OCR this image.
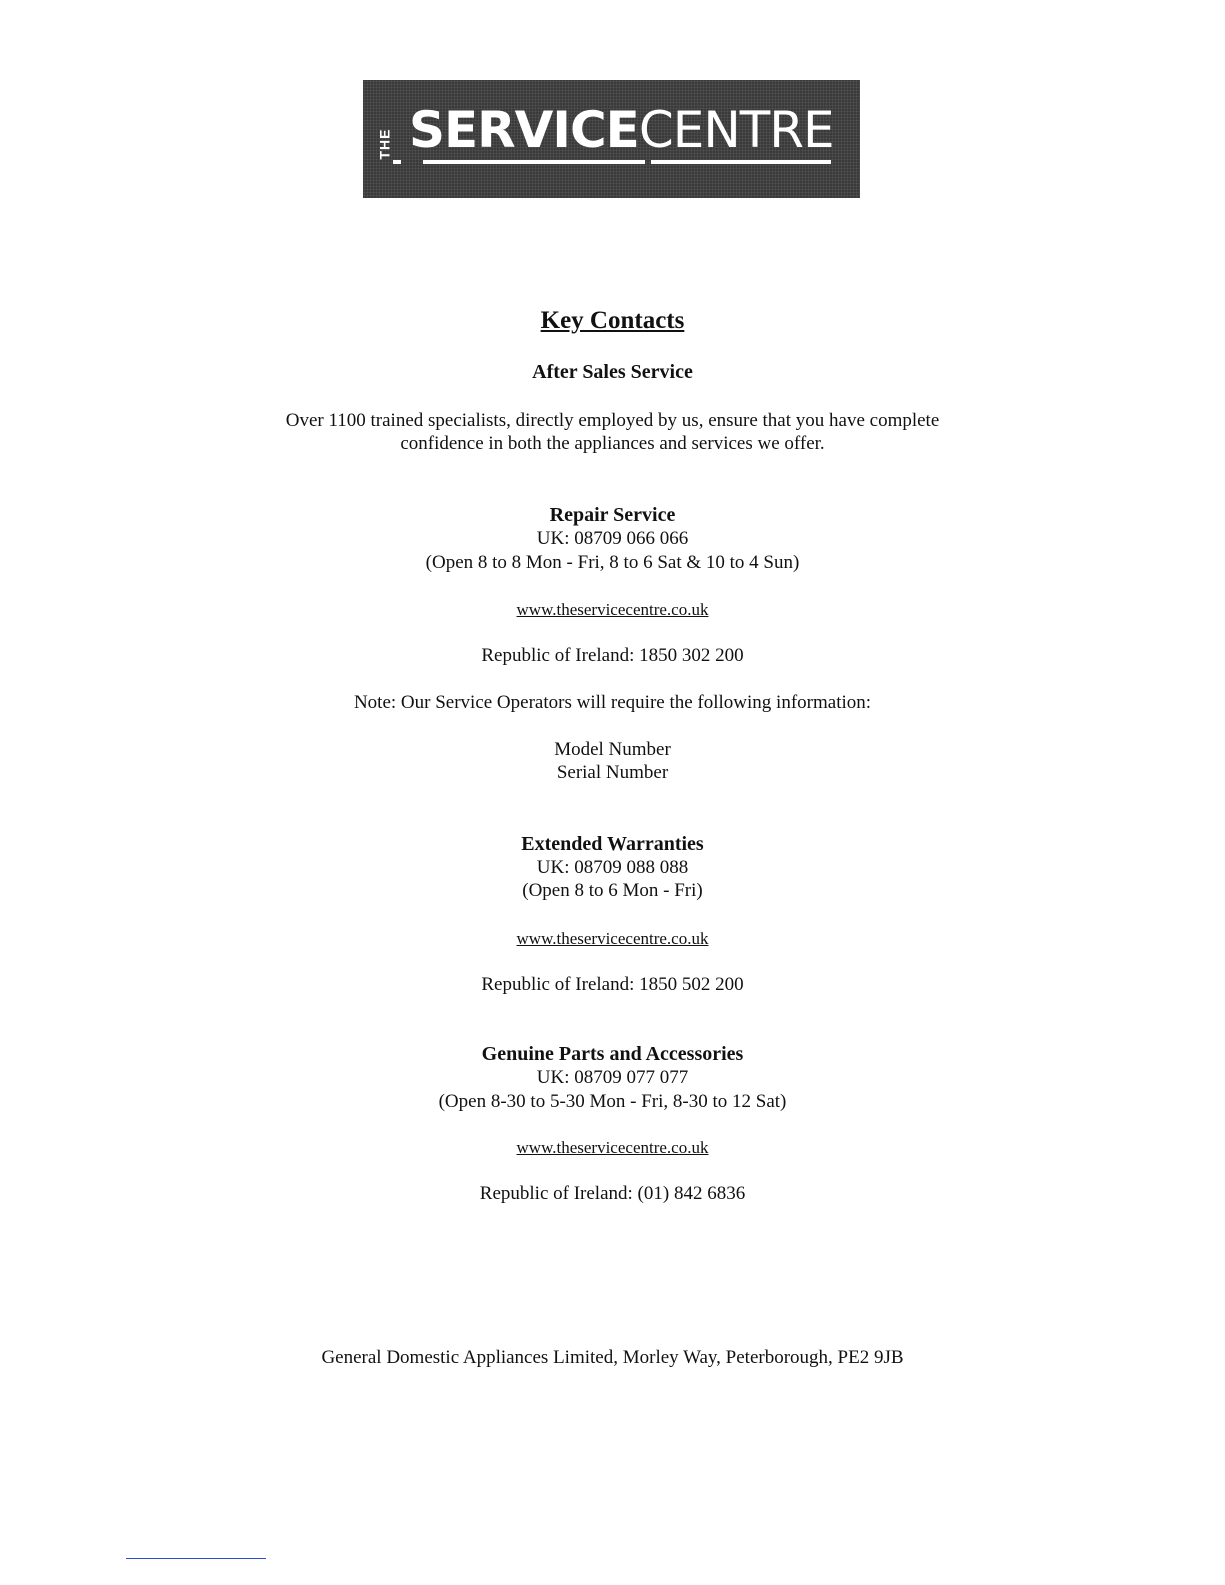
THE SERVICECENTRE
Key Contacts
After Sales Service
Over 1100 trained specialists, directly employed by us, ensure that you have complete
confidence in both the appliances and services we offer.
Repair Service
UK: 08709 066 066
(Open 8 to 8 Mon - Fri, 8 to 6 Sat & 10 to 4 Sun)
www.theservicecentre.co.uk
Republic of Ireland: 1850 302 200
Note: Our Service Operators will require the following information:
Model Number
Serial Number
Extended Warranties
UK: 08709 088 088
(Open 8 to 6 Mon - Fri)
www.theservicecentre.co.uk
Republic of Ireland: 1850 502 200
Genuine Parts and Accessories
UK: 08709 077 077
(Open 8-30 to 5-30 Mon - Fri, 8-30 to 12 Sat)
www.theservicecentre.co.uk
Republic of Ireland: (01) 842 6836
General Domestic Appliances Limited, Morley Way, Peterborough, PE2 9JB
